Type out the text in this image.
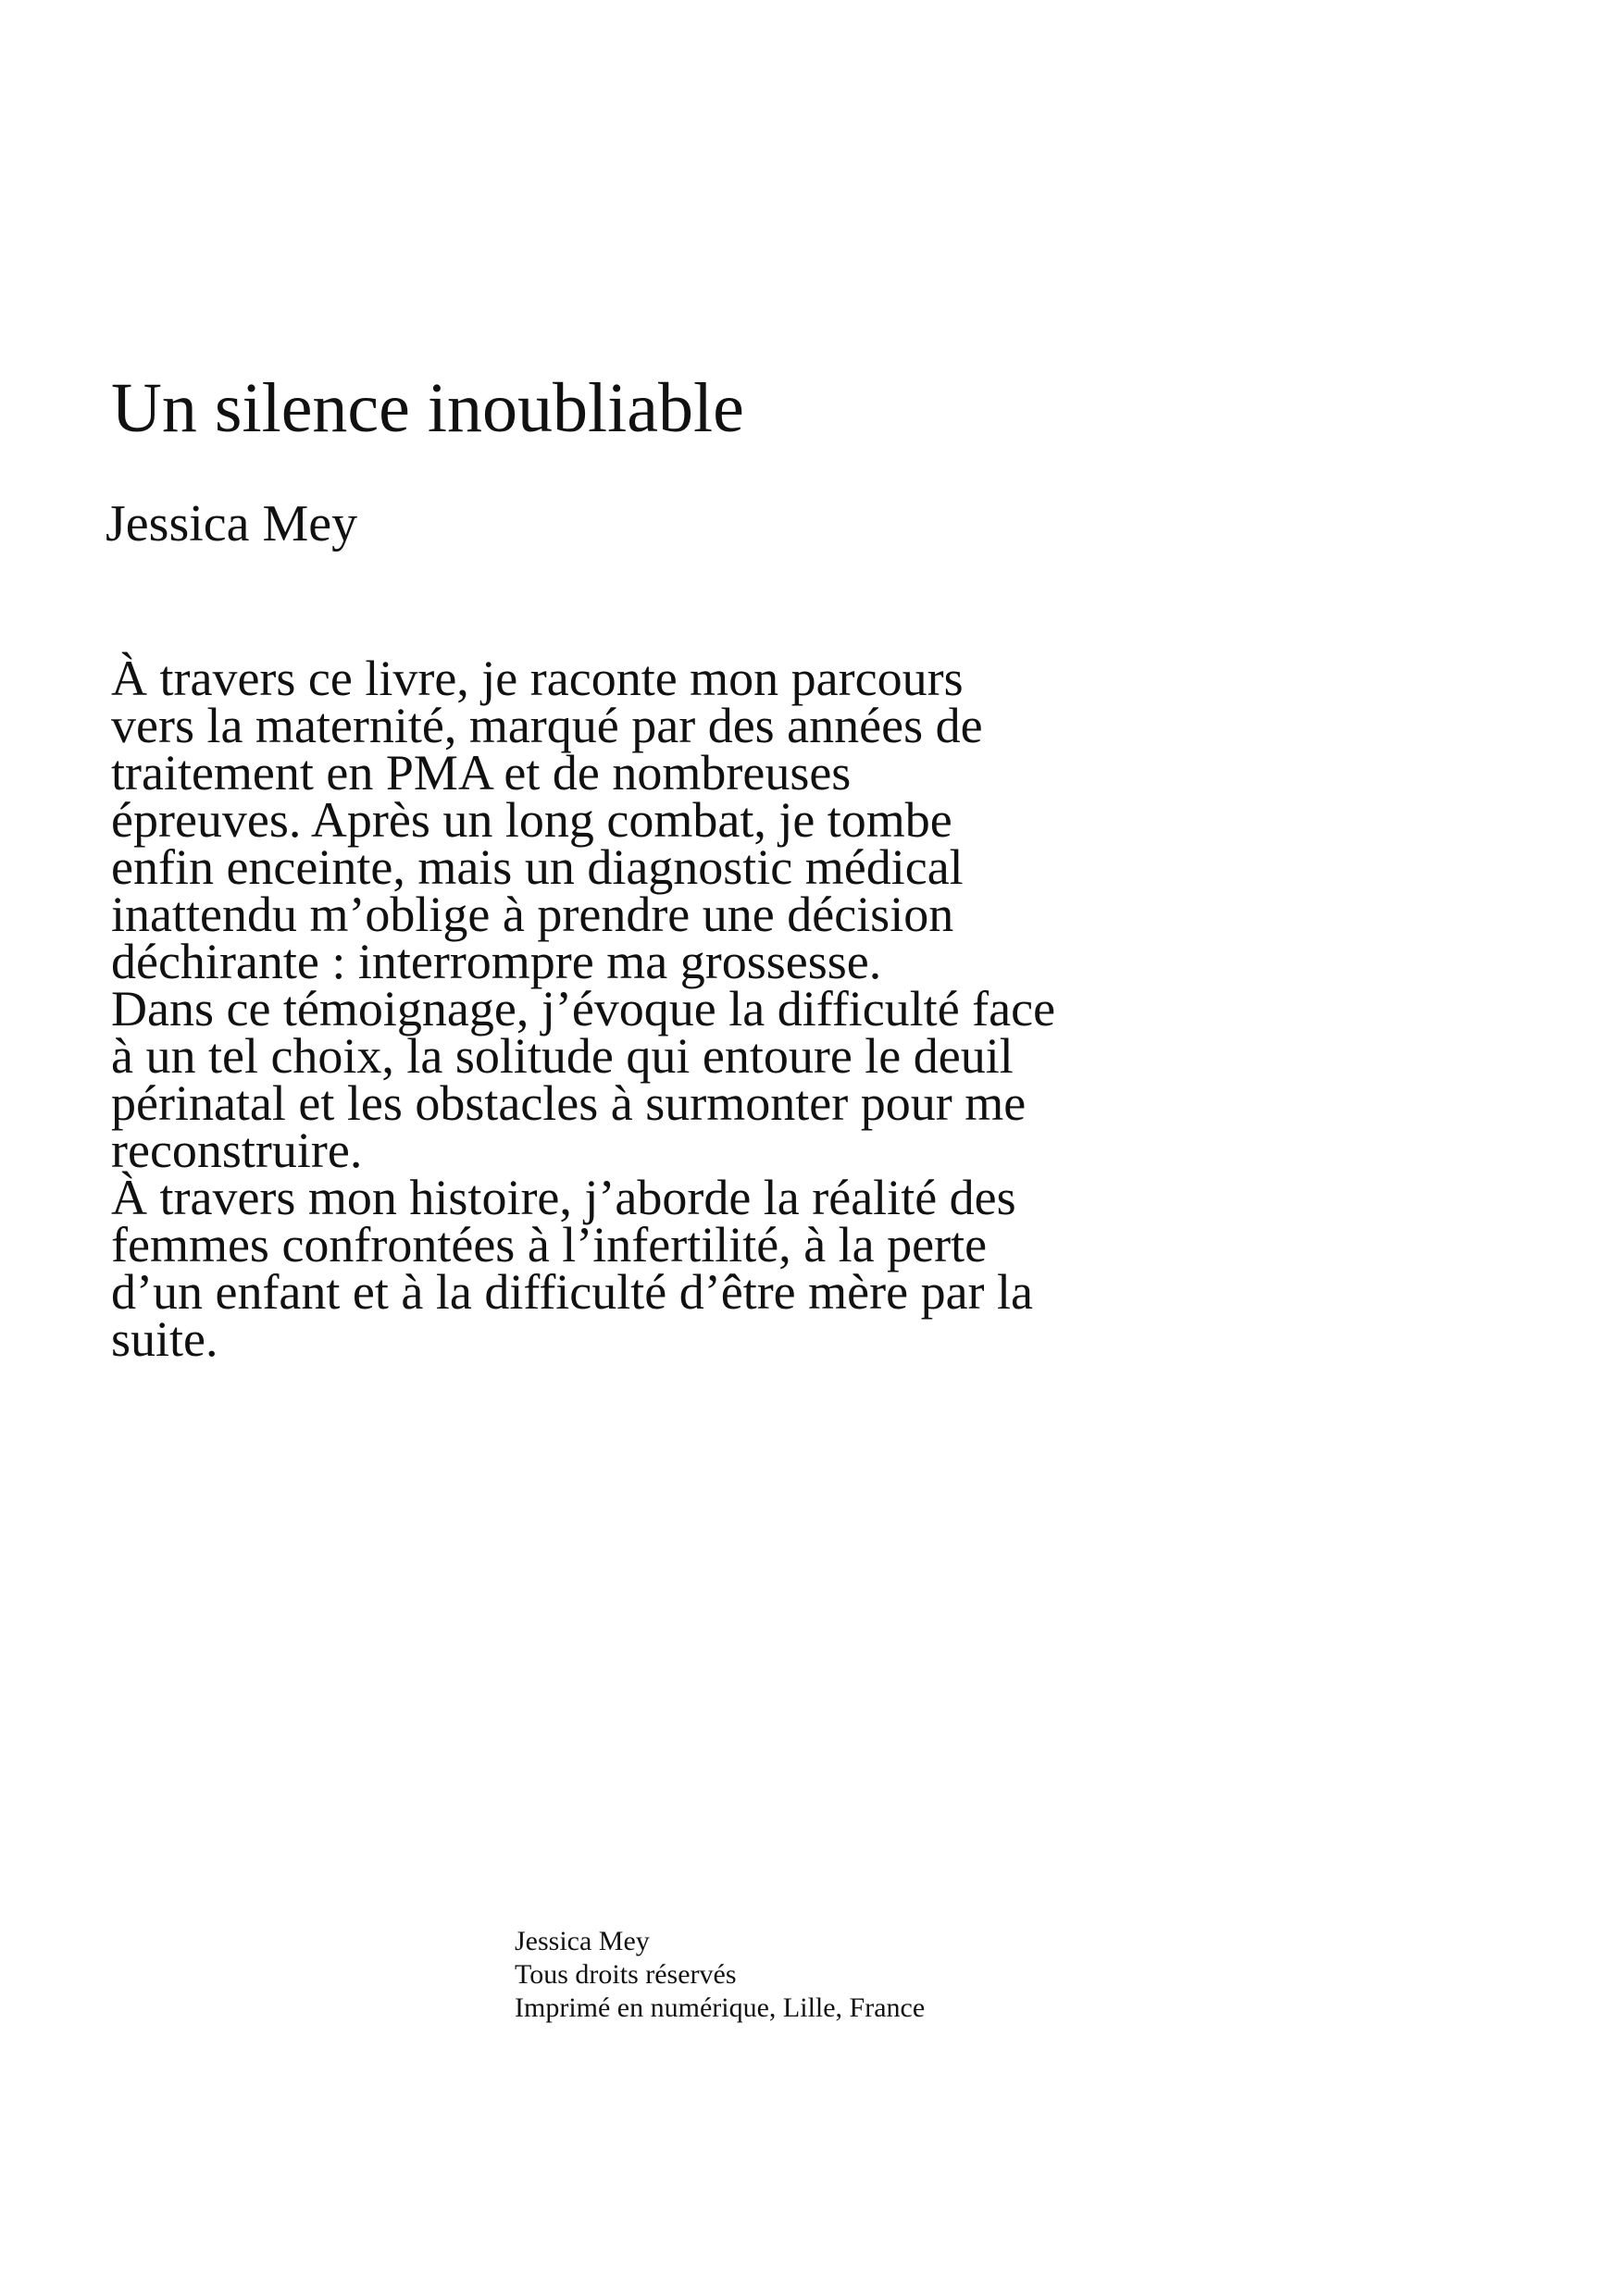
Un silence inoubliable
Jessica Mey
À travers ce livre, je raconte mon parcours
vers la maternité, marqué par des années de
traitement en PMA et de nombreuses
épreuves. Après un long combat, je tombe
enfin enceinte, mais un diagnostic médical
inattendu m’oblige à prendre une décision
déchirante : interrompre ma grossesse.
Dans ce témoignage, j’évoque la difficulté face
à un tel choix, la solitude qui entoure le deuil
périnatal et les obstacles à surmonter pour me
reconstruire.
À travers mon histoire, j’aborde la réalité des
femmes confrontées à l’infertilité, à la perte
d’un enfant et à la difficulté d’être mère par la
suite.
Jessica Mey
Tous droits réservés
Imprimé en numérique, Lille, France
